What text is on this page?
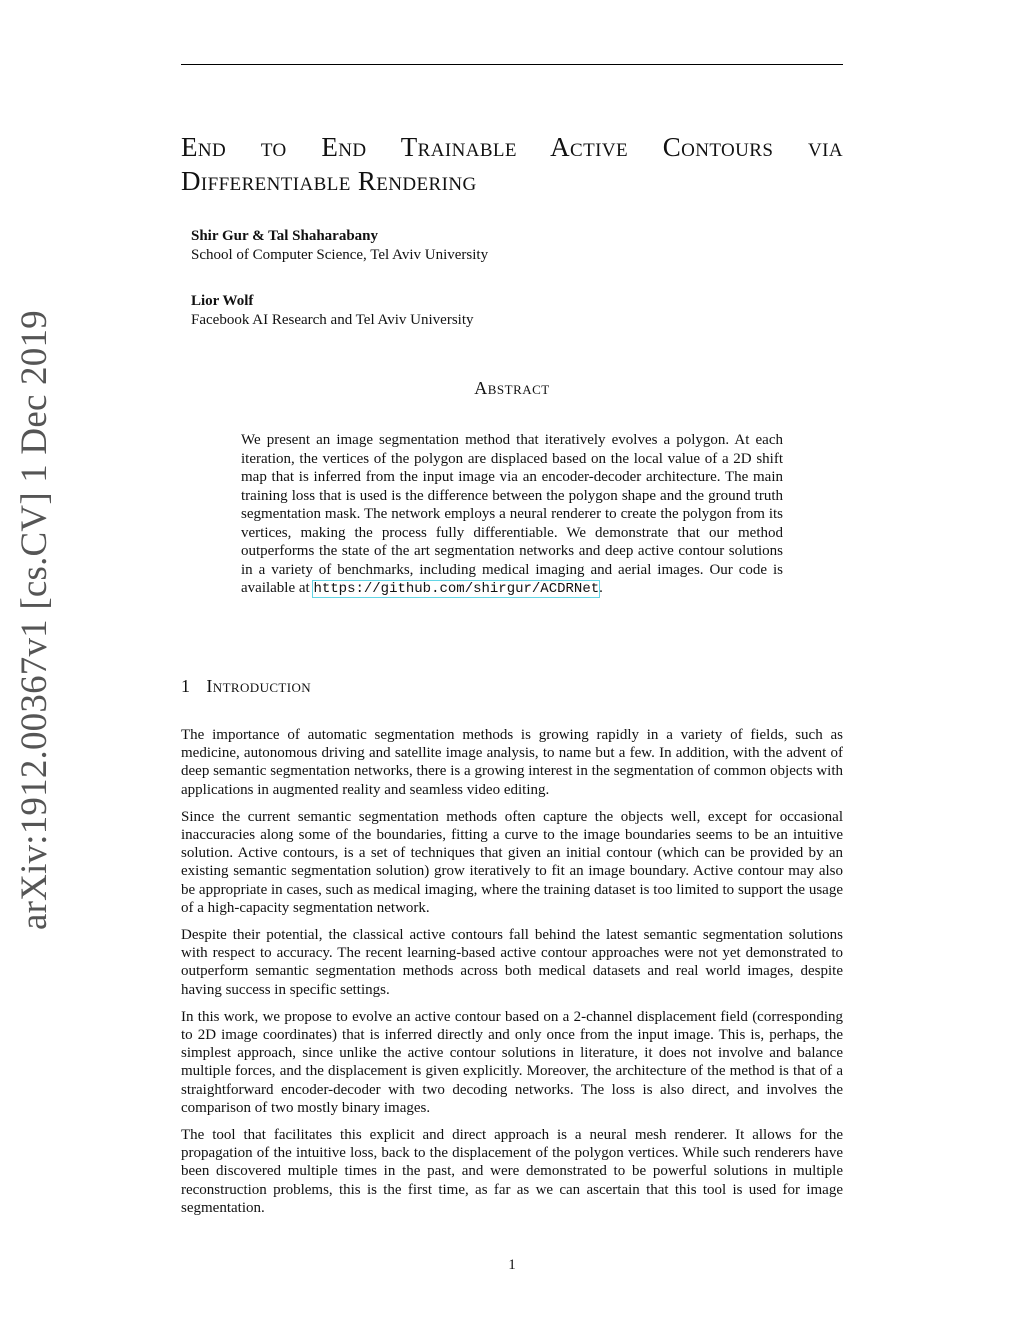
End to End Trainable Active Contours via
Differentiable Rendering
Shir Gur & Tal Shaharabany
School of Computer Science, Tel Aviv University
Lior Wolf
Facebook AI Research and Tel Aviv University
arXiv:1912.00367v1 [cs.CV] 1 Dec 2019	Abstract

We present an image segmentation method that iteratively evolves a polygon. At each iteration, the vertices of the polygon are displaced based on the local value of a 2D shift map that is inferred from the input image via an encoder-decoder architecture. The main training loss that is used is the difference between the polygon shape and the ground truth segmentation mask. The network employs a neural renderer to create the polygon from its vertices, making the process fully differentiable. We demonstrate that our method outperforms the state of the art segmentation networks and deep active contour solutions in a variety of benchmarks, including medical imaging and aerial images. Our code is available at https://github.com/shirgur/ACDRNet.

1 Introduction

The importance of automatic segmentation methods is growing rapidly in a variety of fields, such as medicine, autonomous driving and satellite image analysis, to name but a few. In addition, with the advent of deep semantic segmentation networks, there is a growing interest in the segmentation of common objects with applications in augmented reality and seamless video editing.

Since the current semantic segmentation methods often capture the objects well, except for occasional inaccuracies along some of the boundaries, fitting a curve to the image boundaries seems to be an intuitive solution. Active contours, is a set of techniques that given an initial contour (which can be provided by an existing semantic segmentation solution) grow iteratively to fit an image boundary. Active contour may also be appropriate in cases, such as medical imaging, where the training dataset is too limited to support the usage of a high-capacity segmentation network.

Despite their potential, the classical active contours fall behind the latest semantic segmentation solutions with respect to accuracy. The recent learning-based active contour approaches were not yet demonstrated to outperform semantic segmentation methods across both medical datasets and real world images, despite having success in specific settings.

In this work, we propose to evolve an active contour based on a 2-channel displacement field (corresponding to 2D image coordinates) that is inferred directly and only once from the input image. This is, perhaps, the simplest approach, since unlike the active contour solutions in literature, it does not involve and balance multiple forces, and the displacement is given explicitly. Moreover, the architecture of the method is that of a straightforward encoder-decoder with two decoding networks. The loss is also direct, and involves the comparison of two mostly binary images.

The tool that facilitates this explicit and direct approach is a neural mesh renderer. It allows for the propagation of the intuitive loss, back to the displacement of the polygon vertices. While such renderers have been discovered multiple times in the past, and were demonstrated to be powerful solutions in multiple reconstruction problems, this is the first time, as far as we can ascertain that this tool is used for image segmentation.

1
